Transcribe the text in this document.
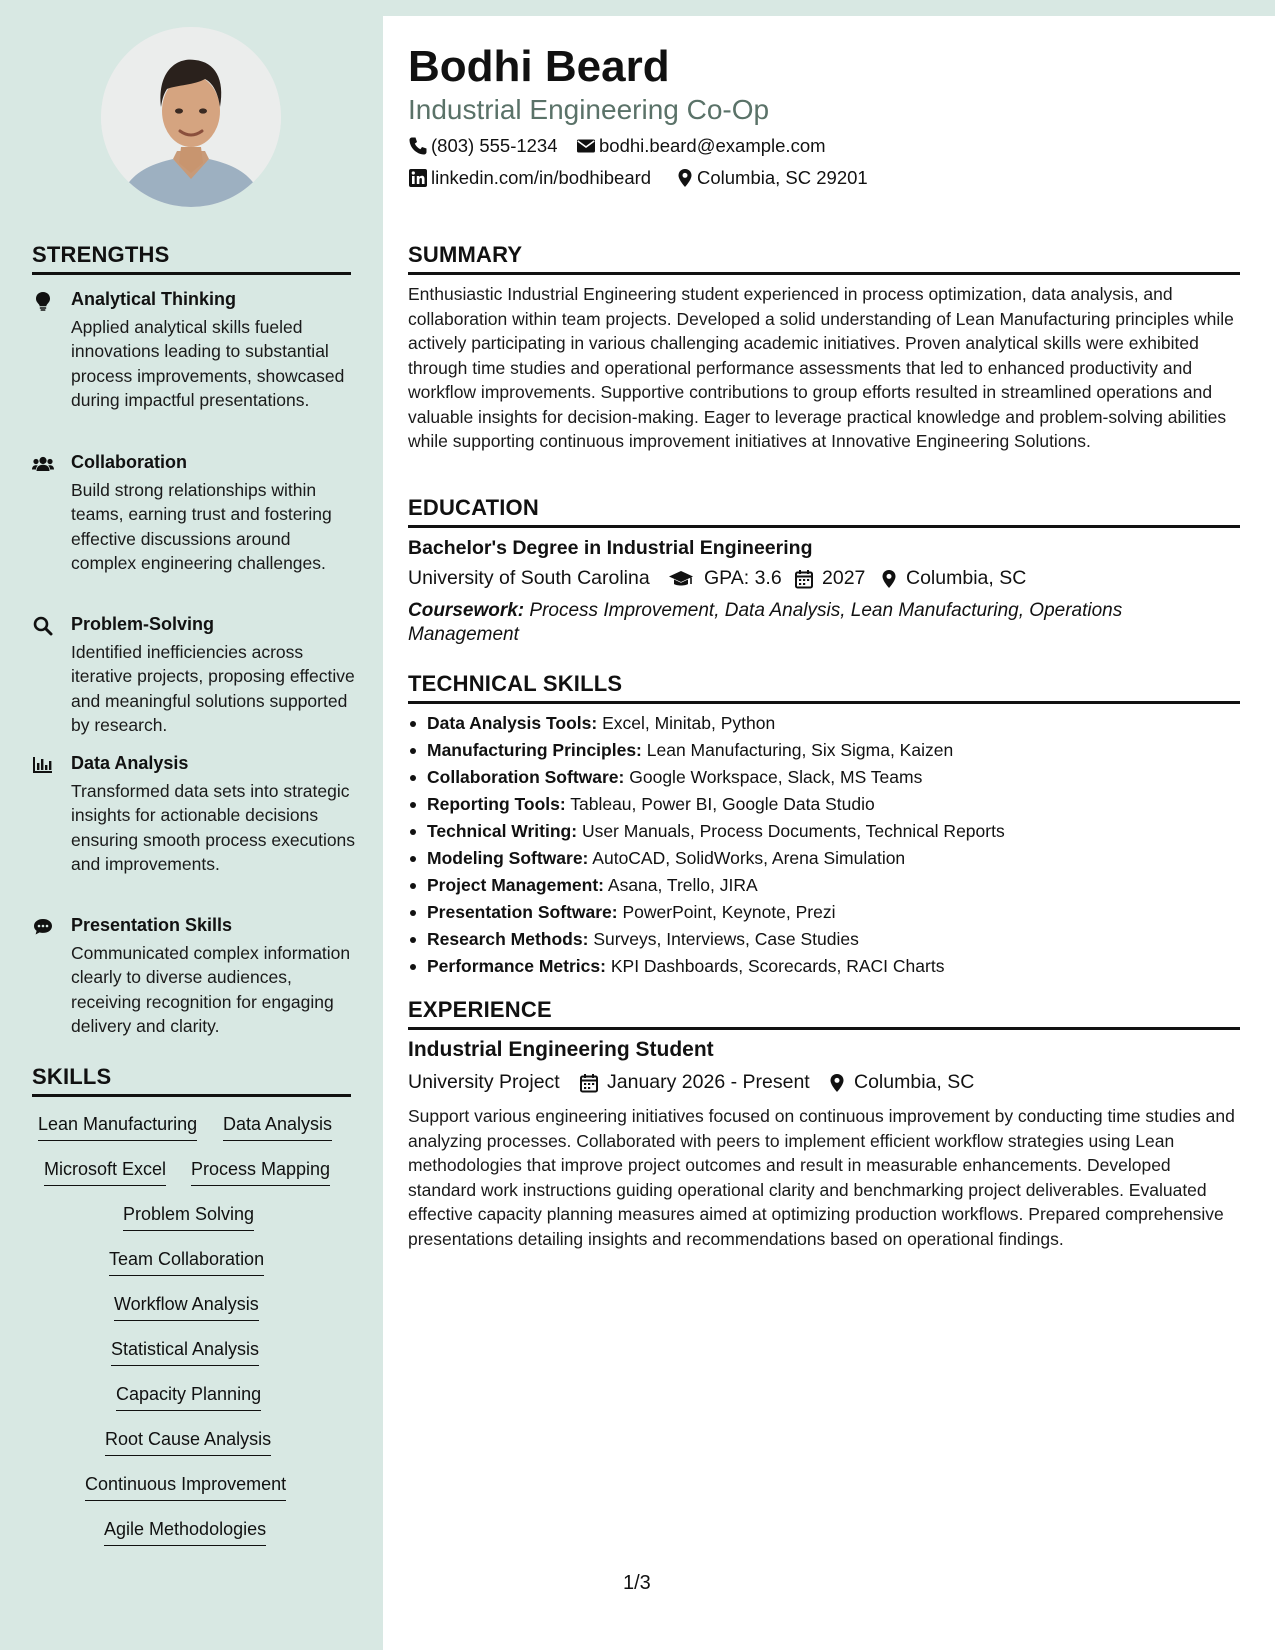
STRENGTHS
Analytical Thinking
Applied analytical skills fueled innovations leading to substantial process improvements, showcased during impactful presentations.
Collaboration
Build strong relationships within teams, earning trust and fostering effective discussions around complex engineering challenges.
Problem-Solving
Identified inefficiencies across iterative projects, proposing effective and meaningful solutions supported by research.
Data Analysis
Transformed data sets into strategic insights for actionable decisions ensuring smooth process executions and improvements.
Presentation Skills
Communicated complex information clearly to diverse audiences, receiving recognition for engaging delivery and clarity.
SKILLS
Lean Manufacturing Data Analysis
Microsoft Excel Process Mapping
Problem Solving
Team Collaboration
Workflow Analysis
Statistical Analysis
Capacity Planning
Root Cause Analysis
Continuous Improvement
Agile Methodologies
Bodhi Beard
Industrial Engineering Co-Op
(803) 555-1234 bodhi.beard@example.com
linkedin.com/in/bodhibeard Columbia, SC 29201
SUMMARY
Enthusiastic Industrial Engineering student experienced in process optimization, data analysis, and collaboration within team projects. Developed a solid understanding of Lean Manufacturing principles while actively participating in various challenging academic initiatives. Proven analytical skills were exhibited through time studies and operational performance assessments that led to enhanced productivity and workflow improvements. Supportive contributions to group efforts resulted in streamlined operations and valuable insights for decision-making. Eager to leverage practical knowledge and problem-solving abilities while supporting continuous improvement initiatives at Innovative Engineering Solutions.
EDUCATION
Bachelor's Degree in Industrial Engineering
University of South Carolina	GPA: 3.6 2027 Columbia, SC
Coursework: Process Improvement, Data Analysis, Lean Manufacturing, Operations Management
TECHNICAL SKILLS
Data Analysis Tools: Excel, Minitab, Python
Manufacturing Principles: Lean Manufacturing, Six Sigma, Kaizen
Collaboration Software: Google Workspace, Slack, MS Teams
Reporting Tools: Tableau, Power BI, Google Data Studio
Technical Writing: User Manuals, Process Documents, Technical Reports
Modeling Software: AutoCAD, SolidWorks, Arena Simulation
Project Management: Asana, Trello, JIRA
Presentation Software: PowerPoint, Keynote, Prezi
Research Methods: Surveys, Interviews, Case Studies
Performance Metrics: KPI Dashboards, Scorecards, RACI Charts
EXPERIENCE
Industrial Engineering Student
University Project January 2026 - Present Columbia, SC
Support various engineering initiatives focused on continuous improvement by conducting time studies and analyzing processes. Collaborated with peers to implement efficient workflow strategies using Lean methodologies that improve project outcomes and result in measurable enhancements. Developed standard work instructions guiding operational clarity and benchmarking project deliverables. Evaluated effective capacity planning measures aimed at optimizing production workflows. Prepared comprehensive presentations detailing insights and recommendations based on operational findings.
1/3
